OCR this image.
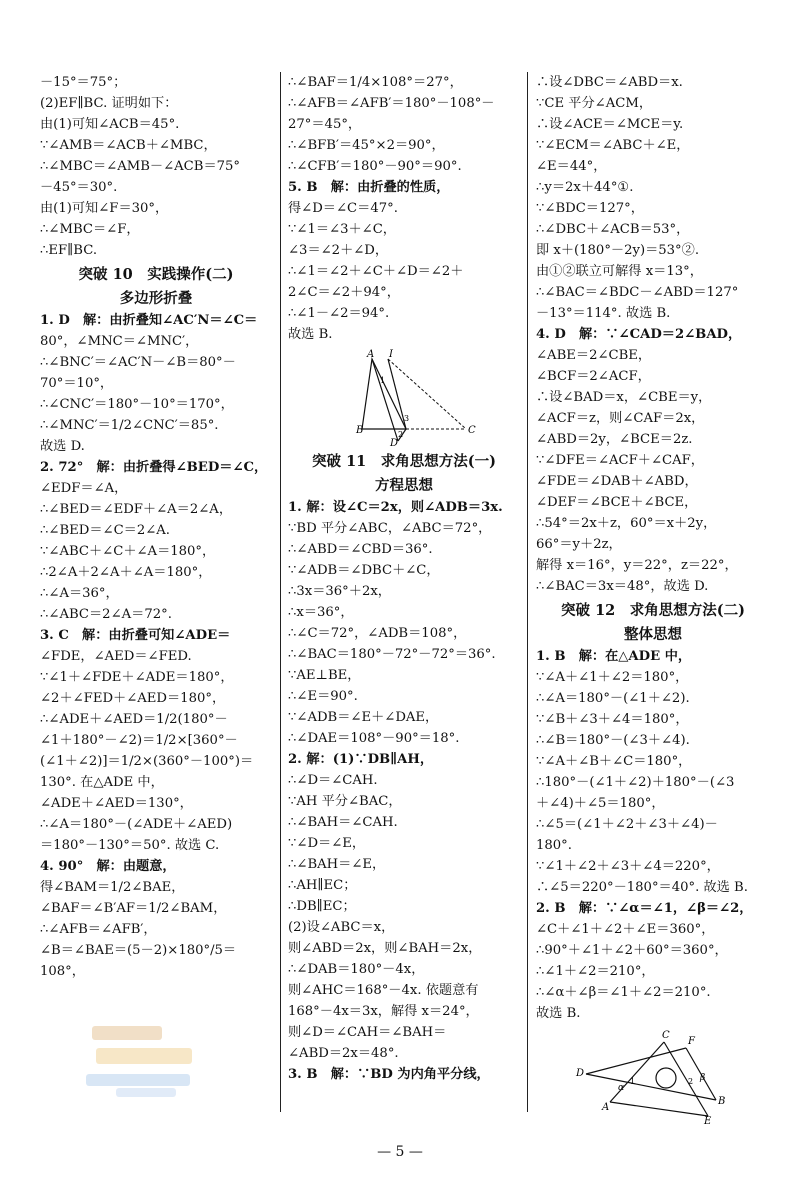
－15°＝75°；
(2)EF∥BC. 证明如下：
由(1)可知∠ACB＝45°.
∵∠AMB＝∠ACB＋∠MBC，
∴∠MBC＝∠AMB－∠ACB＝75°
－45°＝30°.
由(1)可知∠F＝30°，
∴∠MBC＝∠F，
∴EF∥BC.
突破 10　实践操作(二)
多边形折叠
1. D　解：由折叠知∠AC′N＝∠C＝
80°，∠MNC＝∠MNC′，
∴∠BNC′＝∠AC′N－∠B＝80°－
70°＝10°，
∴∠CNC′＝180°－10°＝170°，
∴∠MNC′＝1/2∠CNC′＝85°.
故选 D.
2. 72°　解：由折叠得∠BED＝∠C，
∠EDF＝∠A，
∴∠BED＝∠EDF＋∠A＝2∠A，
∴∠BED＝∠C＝2∠A.
∵∠ABC＋∠C＋∠A＝180°，
∴2∠A＋2∠A＋∠A＝180°，
∴∠A＝36°，
∴∠ABC＝2∠A＝72°.
3. C　解：由折叠可知∠ADE＝
∠FDE，∠AED＝∠FED.
∵∠1＋∠FDE＋∠ADE＝180°，
∠2＋∠FED＋∠AED＝180°，
∴∠ADE＋∠AED＝1/2(180°－
∠1＋180°－∠2)＝1/2×[360°－
(∠1＋∠2)]＝1/2×(360°－100°)＝
130°. 在△ADE 中，
∠ADE＋∠AED＝130°，
∴∠A＝180°－(∠ADE＋∠AED)
＝180°－130°＝50°. 故选 C.
4. 90°　解：由题意，
得∠BAM＝1/2∠BAE，
∠BAF＝∠B′AF＝1/2∠BAM，
∴∠AFB＝∠AFB′，
∠B＝∠BAE＝(5－2)×180°/5＝
108°，
∴∠BAF＝1/4×108°＝27°，
∴∠AFB＝∠AFB′＝180°－108°－
27°＝45°，
∴∠BFB′＝45°×2＝90°，
∴∠CFB′＝180°－90°＝90°.
5. B　解：由折叠的性质，
得∠D＝∠C＝47°.
∵∠1＝∠3＋∠C，
∠3＝∠2＋∠D，
∴∠1＝∠2＋∠C＋∠D＝∠2＋
2∠C＝∠2＋94°，
∴∠1－∠2＝94°.
故选 B.
A I
B	C
D
1
2
3
突破 11　求角思想方法(一)
方程思想
1. 解：设∠C＝2x，则∠ADB＝3x.
∵BD 平分∠ABC，∠ABC＝72°，
∴∠ABD＝∠CBD＝36°.
∵∠ADB＝∠DBC＋∠C，
∴3x＝36°＋2x，
∴x＝36°，
∴∠C＝72°，∠ADB＝108°，
∴∠BAC＝180°－72°－72°＝36°.
∵AE⊥BE，
∴∠E＝90°.
∵∠ADB＝∠E＋∠DAE，
∴∠DAE＝108°－90°＝18°.
2. 解：(1)∵DB∥AH，
∴∠D＝∠CAH.
∵AH 平分∠BAC，
∴∠BAH＝∠CAH.
∵∠D＝∠E，
∴∠BAH＝∠E，
∴AH∥EC；
∴DB∥EC；
(2)设∠ABC＝x，
则∠ABD＝2x，则∠BAH＝2x，
∴∠DAB＝180°－4x，
则∠AHC＝168°－4x. 依题意有
168°－4x＝3x，解得 x＝24°，
则∠D＝∠CAH＝∠BAH＝
∠ABD＝2x＝48°.
3. B　解：∵BD 为内角平分线，
∴设∠DBC＝∠ABD＝x.
∵CE 平分∠ACM，
∴设∠ACE＝∠MCE＝y.
∵∠ECM＝∠ABC＋∠E，
∠E＝44°，
∴y＝2x＋44°①.
∵∠BDC＝127°，
∴∠DBC＋∠ACB＝53°，
即 x＋(180°－2y)＝53°②.
由①②联立可解得 x＝13°，
∴∠BAC＝∠BDC－∠ABD＝127°
－13°＝114°. 故选 B.
4. D　解：∵∠CAD＝2∠BAD，
∠ABE＝2∠CBE，
∠BCF＝2∠ACF，
∴设∠BAD＝x，∠CBE＝y，
∠ACF＝z，则∠CAF＝2x，
∠ABD＝2y，∠BCE＝2z.
∵∠DFE＝∠ACF＋∠CAF，
∠FDE＝∠DAB＋∠ABD，
∠DEF＝∠BCE＋∠BCE，
∴54°＝2x＋z，60°＝x＋2y，
66°＝y＋2z，
解得 x＝16°，y＝22°，z＝22°，
∴∠BAC＝3x＝48°，故选 D.
突破 12　求角思想方法(二)
整体思想
1. B　解：在△ADE 中，
∵∠A＋∠1＋∠2＝180°，
∴∠A＝180°－(∠1＋∠2).
∵∠B＋∠3＋∠4＝180°，
∴∠B＝180°－(∠3＋∠4).
∵∠A＋∠B＋∠C＝180°，
∴180°－(∠1＋∠2)＋180°－(∠3
＋∠4)＋∠5＝180°，
∴∠5＝(∠1＋∠2＋∠3＋∠4)－
180°.
∵∠1＋∠2＋∠3＋∠4＝220°，
∴∠5＝220°－180°＝40°. 故选 B.
2. B　解：∵∠α＝∠1，∠β＝∠2，
∠C＋∠1＋∠2＋∠E＝360°，
∴90°＋∠1＋∠2＋60°＝360°，
∴∠1＋∠2＝210°，
∴∠α＋∠β＝∠1＋∠2＝210°.
故选 B.
C
F
D
A
B
E
α
β
1	2
— 5 —
